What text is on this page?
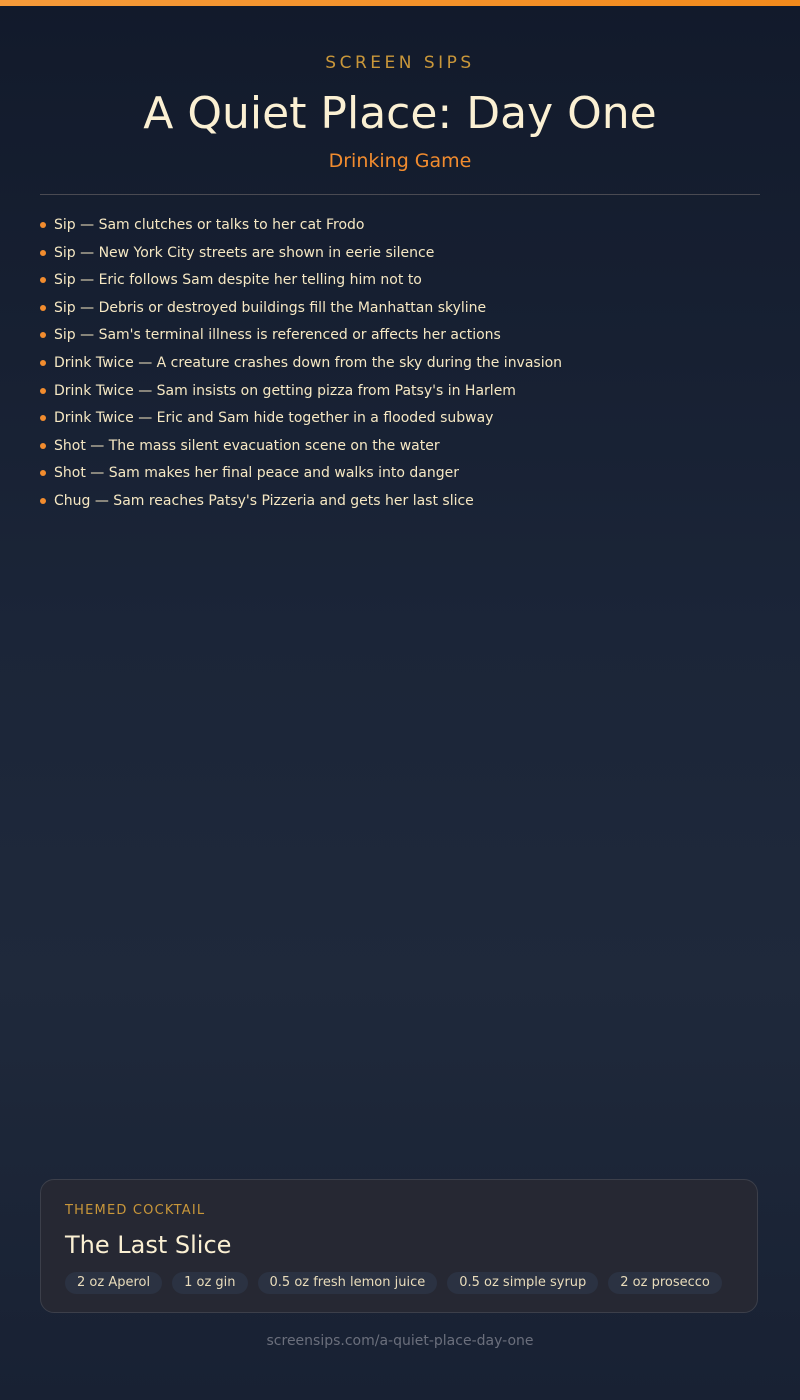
SCREEN SIPS
A Quiet Place: Day One
Drinking Game
Sip — Sam clutches or talks to her cat Frodo
Sip — New York City streets are shown in eerie silence
Sip — Eric follows Sam despite her telling him not to
Sip — Debris or destroyed buildings fill the Manhattan skyline
Sip — Sam's terminal illness is referenced or affects her actions
Drink Twice — A creature crashes down from the sky during the invasion
Drink Twice — Sam insists on getting pizza from Patsy's in Harlem
Drink Twice — Eric and Sam hide together in a flooded subway
Shot — The mass silent evacuation scene on the water
Shot — Sam makes her final peace and walks into danger
Chug — Sam reaches Patsy's Pizzeria and gets her last slice
THEMED COCKTAIL
The Last Slice
2 oz Aperol	1 oz gin	0.5 oz fresh lemon juice	0.5 oz simple syrup	2 oz prosecco
screensips.com/a-quiet-place-day-one
